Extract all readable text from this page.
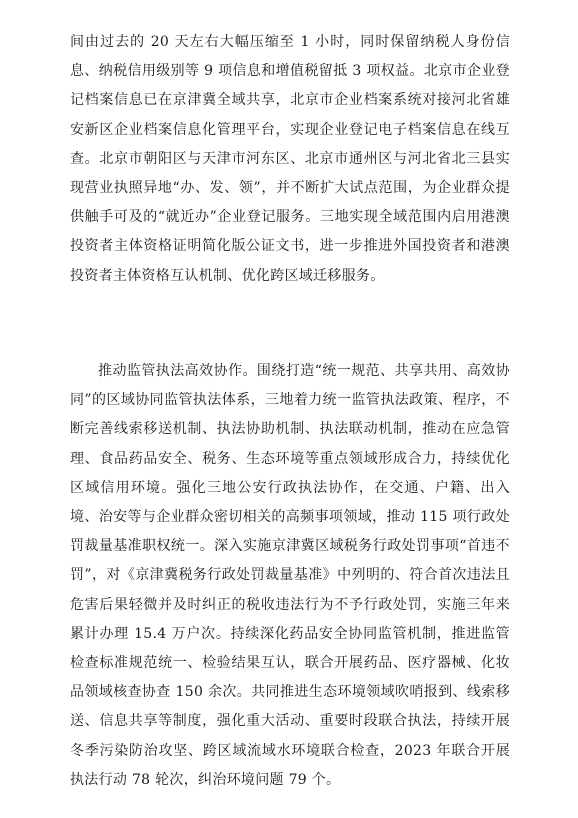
间由过去的 20 天左右大幅压缩至 1 小时，同时保留纳税人身份信息、纳税信用级别等 9 项信息和增值税留抵 3 项权益。北京市企业登记档案信息已在京津冀全域共享，北京市企业档案系统对接河北省雄安新区企业档案信息化管理平台，实现企业登记电子档案信息在线互查。北京市朝阳区与天津市河东区、北京市通州区与河北省北三县实现营业执照异地“办、发、领”，并不断扩大试点范围，为企业群众提供触手可及的“就近办”企业登记服务。三地实现全域范围内启用港澳投资者主体资格证明简化版公证文书，进一步推进外国投资者和港澳投资者主体资格互认机制、优化跨区域迁移服务。

推动监管执法高效协作。围绕打造“统一规范、共享共用、高效协同”的区域协同监管执法体系，三地着力统一监管执法政策、程序，不断完善线索移送机制、执法协助机制、执法联动机制，推动在应急管理、食品药品安全、税务、生态环境等重点领域形成合力，持续优化区域信用环境。强化三地公安行政执法协作，在交通、户籍、出入境、治安等与企业群众密切相关的高频事项领域，推动 115 项行政处罚裁量基准职权统一。深入实施京津冀区域税务行政处罚事项“首违不罚”，对《京津冀税务行政处罚裁量基准》中列明的、符合首次违法且危害后果轻微并及时纠正的税收违法行为不予行政处罚，实施三年来累计办理 15.4 万户次。持续深化药品安全协同监管机制，推进监管检查标准规范统一、检验结果互认，联合开展药品、医疗器械、化妆品领域核查协查 150 余次。共同推进生态环境领域吹哨报到、线索移送、信息共享等制度，强化重大活动、重要时段联合执法，持续开展冬季污染防治攻坚、跨区域流域水环境联合检查，2023 年联合开展执法行动 78 轮次，纠治环境问题 79 个。
